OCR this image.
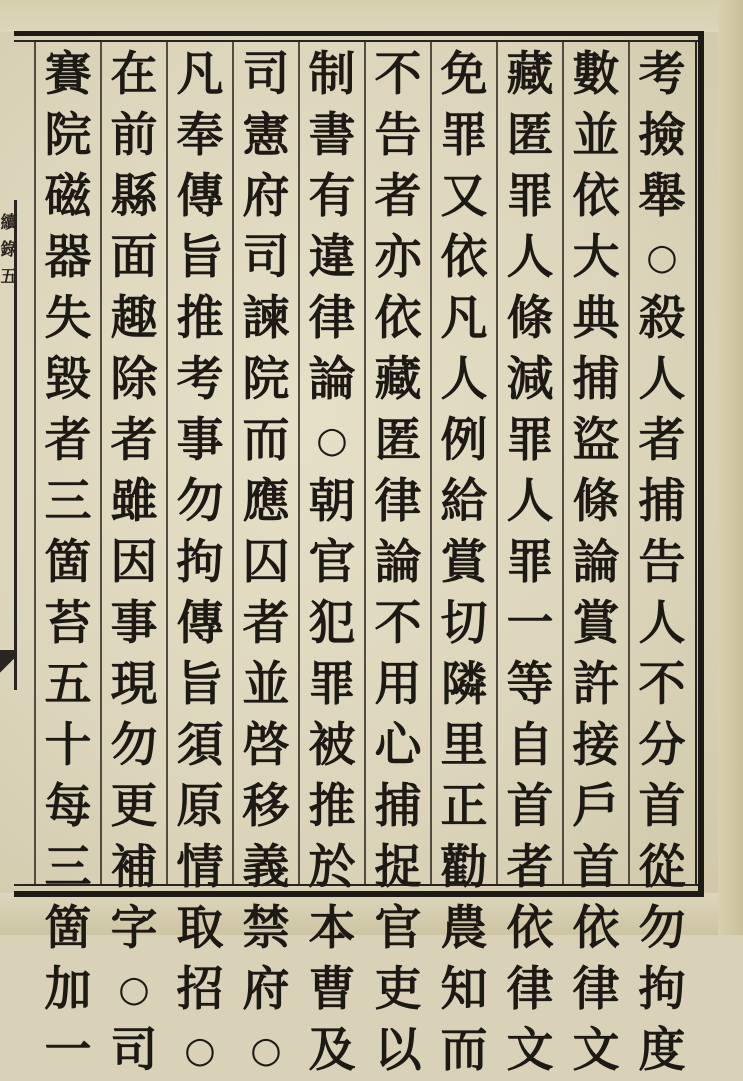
續
錄
五
考
撿
舉
○
殺
人
者
捕
告
人
不
分
首
從
勿
拘
度
數
並
依
大
典
捕
盜
條
論
賞
許
接
戶
首
依
律
文
藏
匿
罪
人
條
減
罪
人
罪
一
等
自
首
者
依
律
文
免
罪
又
依
凡
人
例
給
賞
切
隣
里
正
勸
農
知
而
不
告
者
亦
依
藏
匿
律
論
不
用
心
捕
捉
官
吏
以
制
書
有
違
律
論
○
朝
官
犯
罪
被
推
於
本
曹
及
司
憲
府
司
諫
院
而
應
囚
者
並
啓
移
義
禁
府
○
凡
奉
傳
旨
推
考
事
勿
拘
傳
旨
須
原
情
取
招
○
在
前
縣
面
趣
除
者
雖
因
事
現
勿
更
補
字
○
司
賽
院
磁
器
失
毀
者
三
箇
苔
五
十
每
三
箇
加
一
